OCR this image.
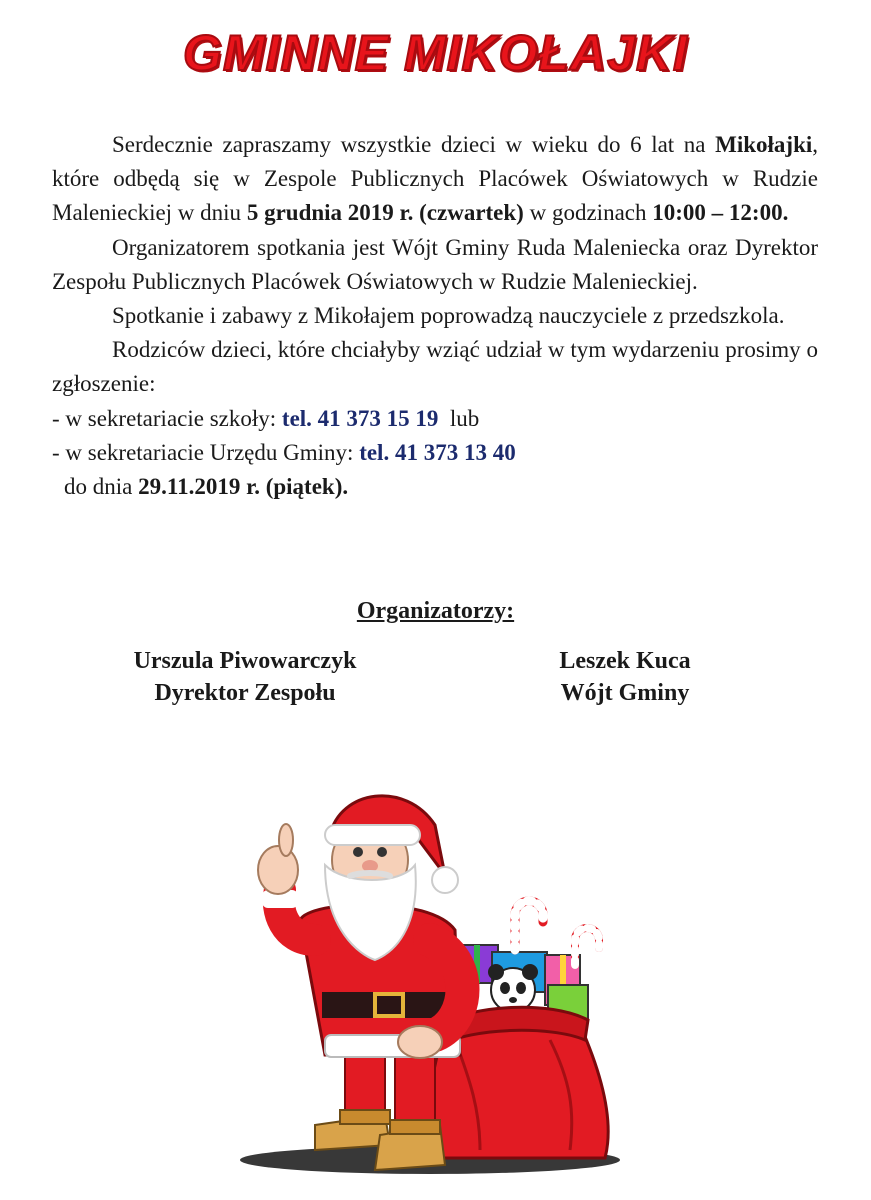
GMINNE MIKOŁAJKI

Serdecznie zapraszamy wszystkie dzieci w wieku do 6 lat na Mikołajki, które odbędą się w Zespole Publicznych Placówek Oświatowych w Rudzie Malenieckiej w dniu 5 grudnia 2019 r. (czwartek) w godzinach 10:00 – 12:00.

Organizatorem spotkania jest Wójt Gminy Ruda Maleniecka oraz Dyrektor Zespołu Publicznych Placówek Oświatowych w Rudzie Malenieckiej.

Spotkanie i zabawy z Mikołajem poprowadzą nauczyciele z przedszkola.

Rodziców dzieci, które chciałyby wziąć udział w tym wydarzeniu prosimy o zgłoszenie:

- w sekretariacie szkoły: tel. 41 373 15 19  lub
- w sekretariacie Urzędu Gminy: tel. 41 373 13 40
do dnia 29.11.2019 r. (piątek).
Organizatorzy:
Urszula Piwowarczyk
Dyrektor Zespołu
Leszek Kuca
Wójt Gminy
